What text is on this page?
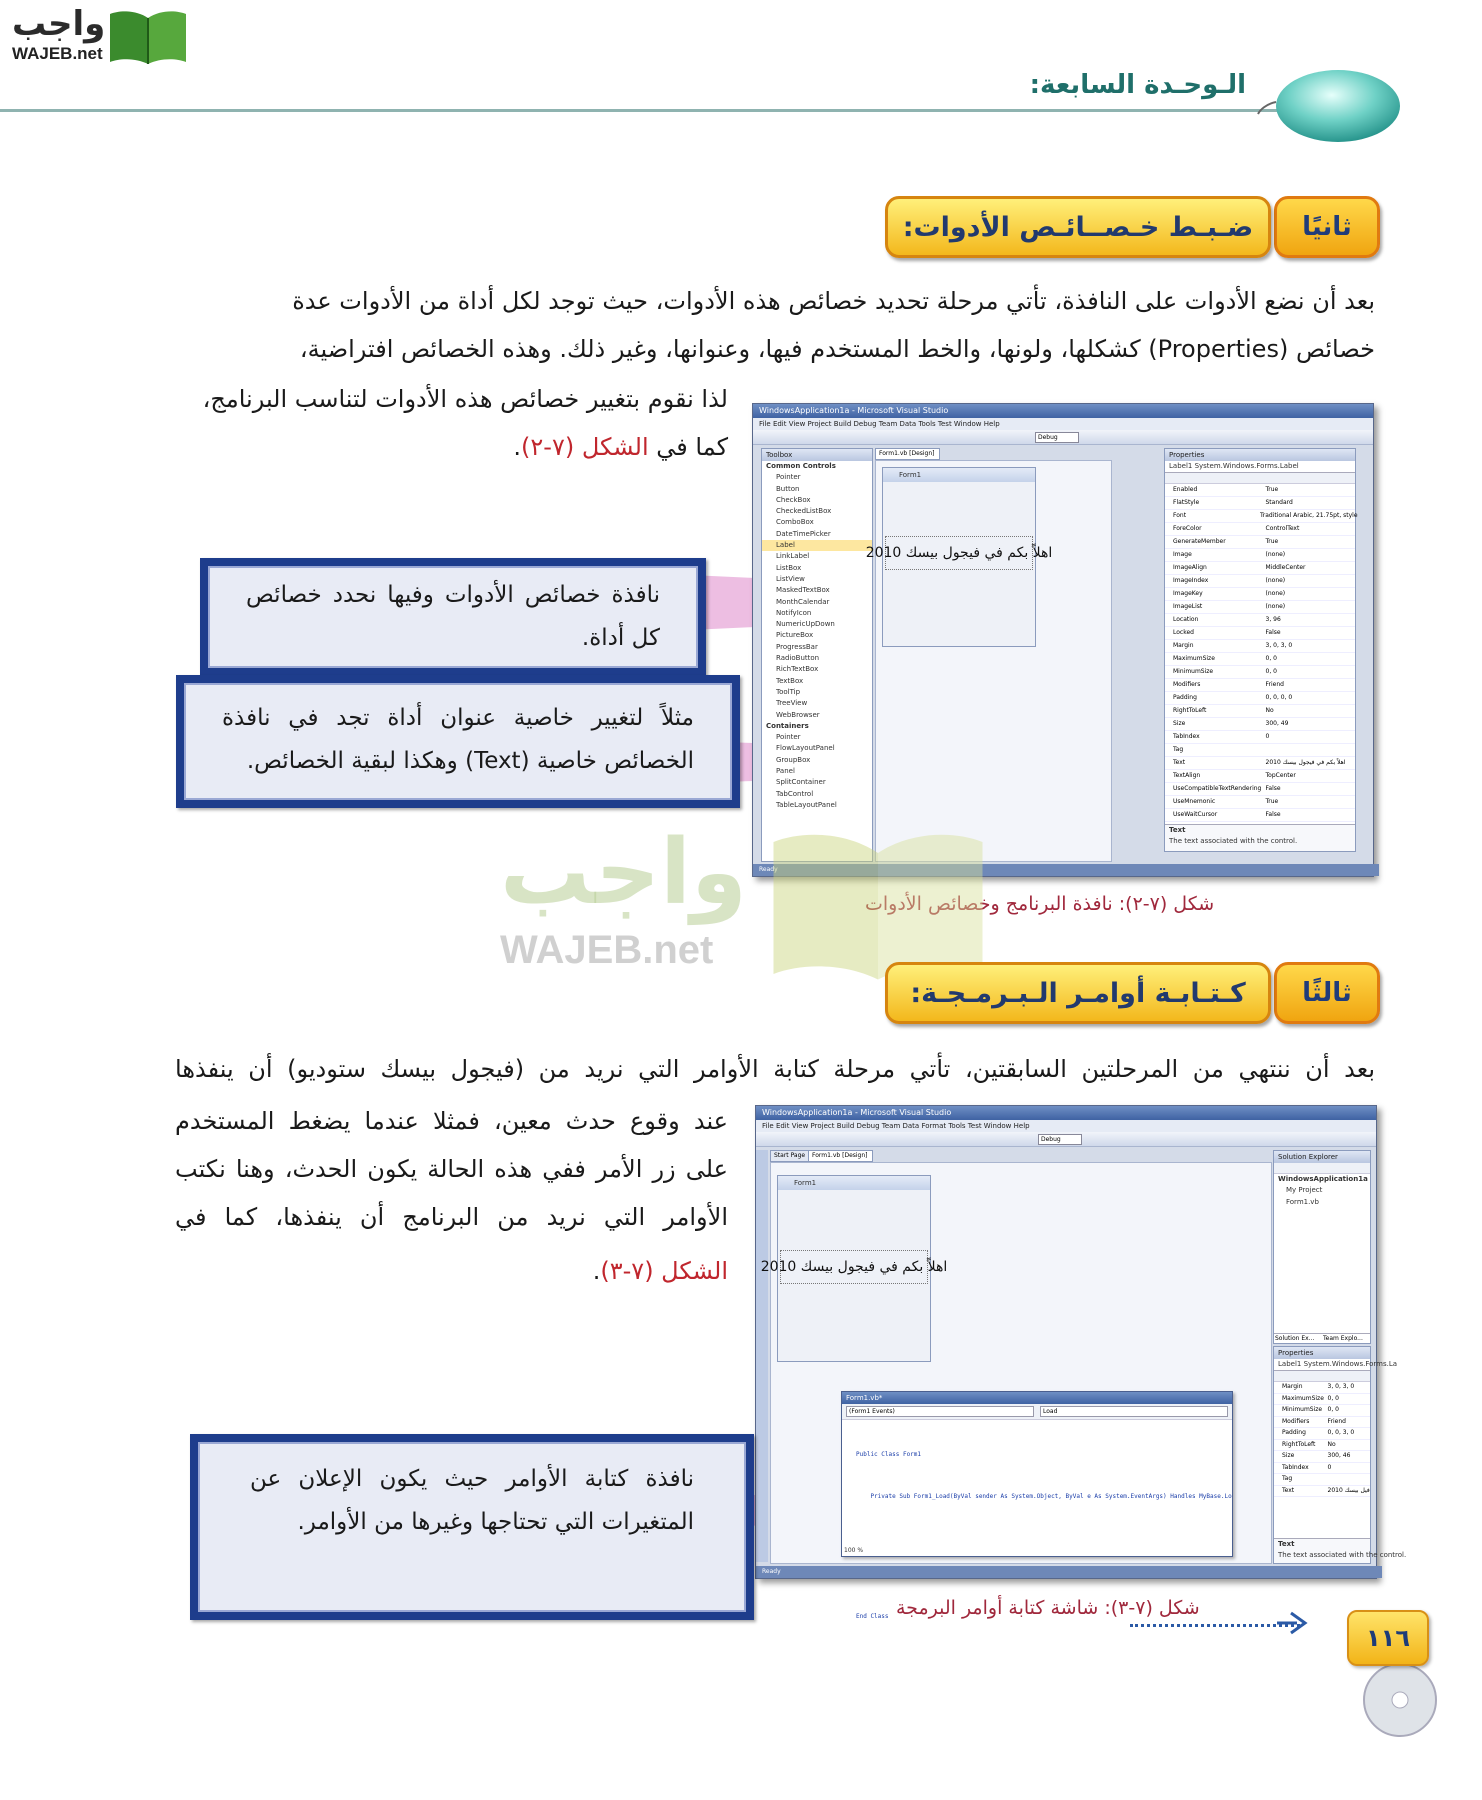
واجب
WAJEB.net
الـوحـدة السابعة:
ثانيًا
ضـبـط خـصــائـص الأدوات:
بعد أن نضع الأدوات على النافذة، تأتي مرحلة تحديد خصائص هذه الأدوات، حيث توجد لكل أداة من الأدوات عدة
خصائص (Properties) كشكلها، ولونها، والخط المستخدم فيها، وعنوانها، وغير ذلك. وهذه الخصائص افتراضية،
لذا نقوم بتغيير خصائص هذه الأدوات لتناسب البرنامج،
كما في الشكل (٧-٢).
WindowsApplication1a - Microsoft Visual Studio
File Edit View Project Build Debug Team Data Tools Test Window Help
Debug
Toolbox
Common Controls
Pointer
Button
CheckBox
CheckedListBox
ComboBox
DateTimePicker
Label
LinkLabel
ListBox
ListView
MaskedTextBox
MonthCalendar
NotifyIcon
NumericUpDown
PictureBox
ProgressBar
RadioButton
RichTextBox
TextBox
ToolTip
TreeView
WebBrowser
Containers
Pointer
FlowLayoutPanel
GroupBox
Panel
SplitContainer
TabControl
TableLayoutPanel
Form1.vb [Design]
Form1
اهلاً بكم في فيجول بيسك 2010
Properties
Label1 System.Windows.Forms.Label
Enabled	True
FlatStyle	Standard
Font	Traditional Arabic, 21.75pt, style
ForeColor	ControlText
GenerateMember	True
Image	(none)
ImageAlign	MiddleCenter
ImageIndex	(none)
ImageKey	(none)
ImageList	(none)
Location	3, 96
Locked	False
Margin	3, 0, 3, 0
MaximumSize	0, 0
MinimumSize	0, 0
Modifiers	Friend
Padding	0, 0, 0, 0
RightToLeft	No
Size	300, 49
TabIndex	0
Tag
Text	اهلاً بكم في فيجول بيسك 2010
TextAlign	TopCenter
UseCompatibleTextRendering False
UseMnemonic	True
UseWaitCursor	False
Text
The text associated with the control.
Ready
نافذة خصائص الأدوات وفيها نحدد خصائص كل أداة.
مثلاً لتغيير خاصية عنوان أداة تجد في نافذة الخصائص خاصية (Text) وهكذا لبقية الخصائص.
شكل (٧-٢): نافذة البرنامج وخصائص الأدوات
واجب
WAJEB.net
ثالثًا
كـتـابـة أوامـر الـبـرمـجـة:
بعد أن ننتهي من المرحلتين السابقتين، تأتي مرحلة كتابة الأوامر التي نريد من (فيجول بيسك ستوديو) أن ينفذها
عند وقوع حدث معين، فمثلا عندما يضغط المستخدم
على زر الأمر ففي هذه الحالة يكون الحدث، وهنا نكتب
الأوامر التي نريد من البرنامج أن ينفذها، كما في
الشكل (٧-٣).
WindowsApplication1a - Microsoft Visual Studio
File Edit View Project Build Debug Team Data Format Tools Test Window Help
Debug
Start Page	Form1.vb [Design]
Form1
اهلاً بكم في فيجول بيسك 2010
Form1.vb*
(Form1 Events)	Load

Public Class Form1

Private Sub Form1_Load(ByVal sender As System.Object, ByVal e As System.EventArgs) Handles MyBase.Lo

End Class

100 %
Solution Explorer
WindowsApplication1a
My Project
Form1.vb
Solution Ex...	Team Explo...
Properties
Label1 System.Windows.Forms.La
Margin	3, 0, 3, 0
MaximumSize 0, 0
MinimumSize 0, 0
Modifiers	Friend
Padding	0, 0, 3, 0
RightToLeft	No
Size	300, 46
TabIndex	0
Tag
Text	فيل بيسك 2010
Text
The text associated with the control.
Ready
نافذة كتابة الأوامر حيث يكون الإعلان عن المتغيرات التي تحتاجها وغيرها من الأوامر.
شكل (٧-٣): شاشة كتابة أوامر البرمجة
١١٦
